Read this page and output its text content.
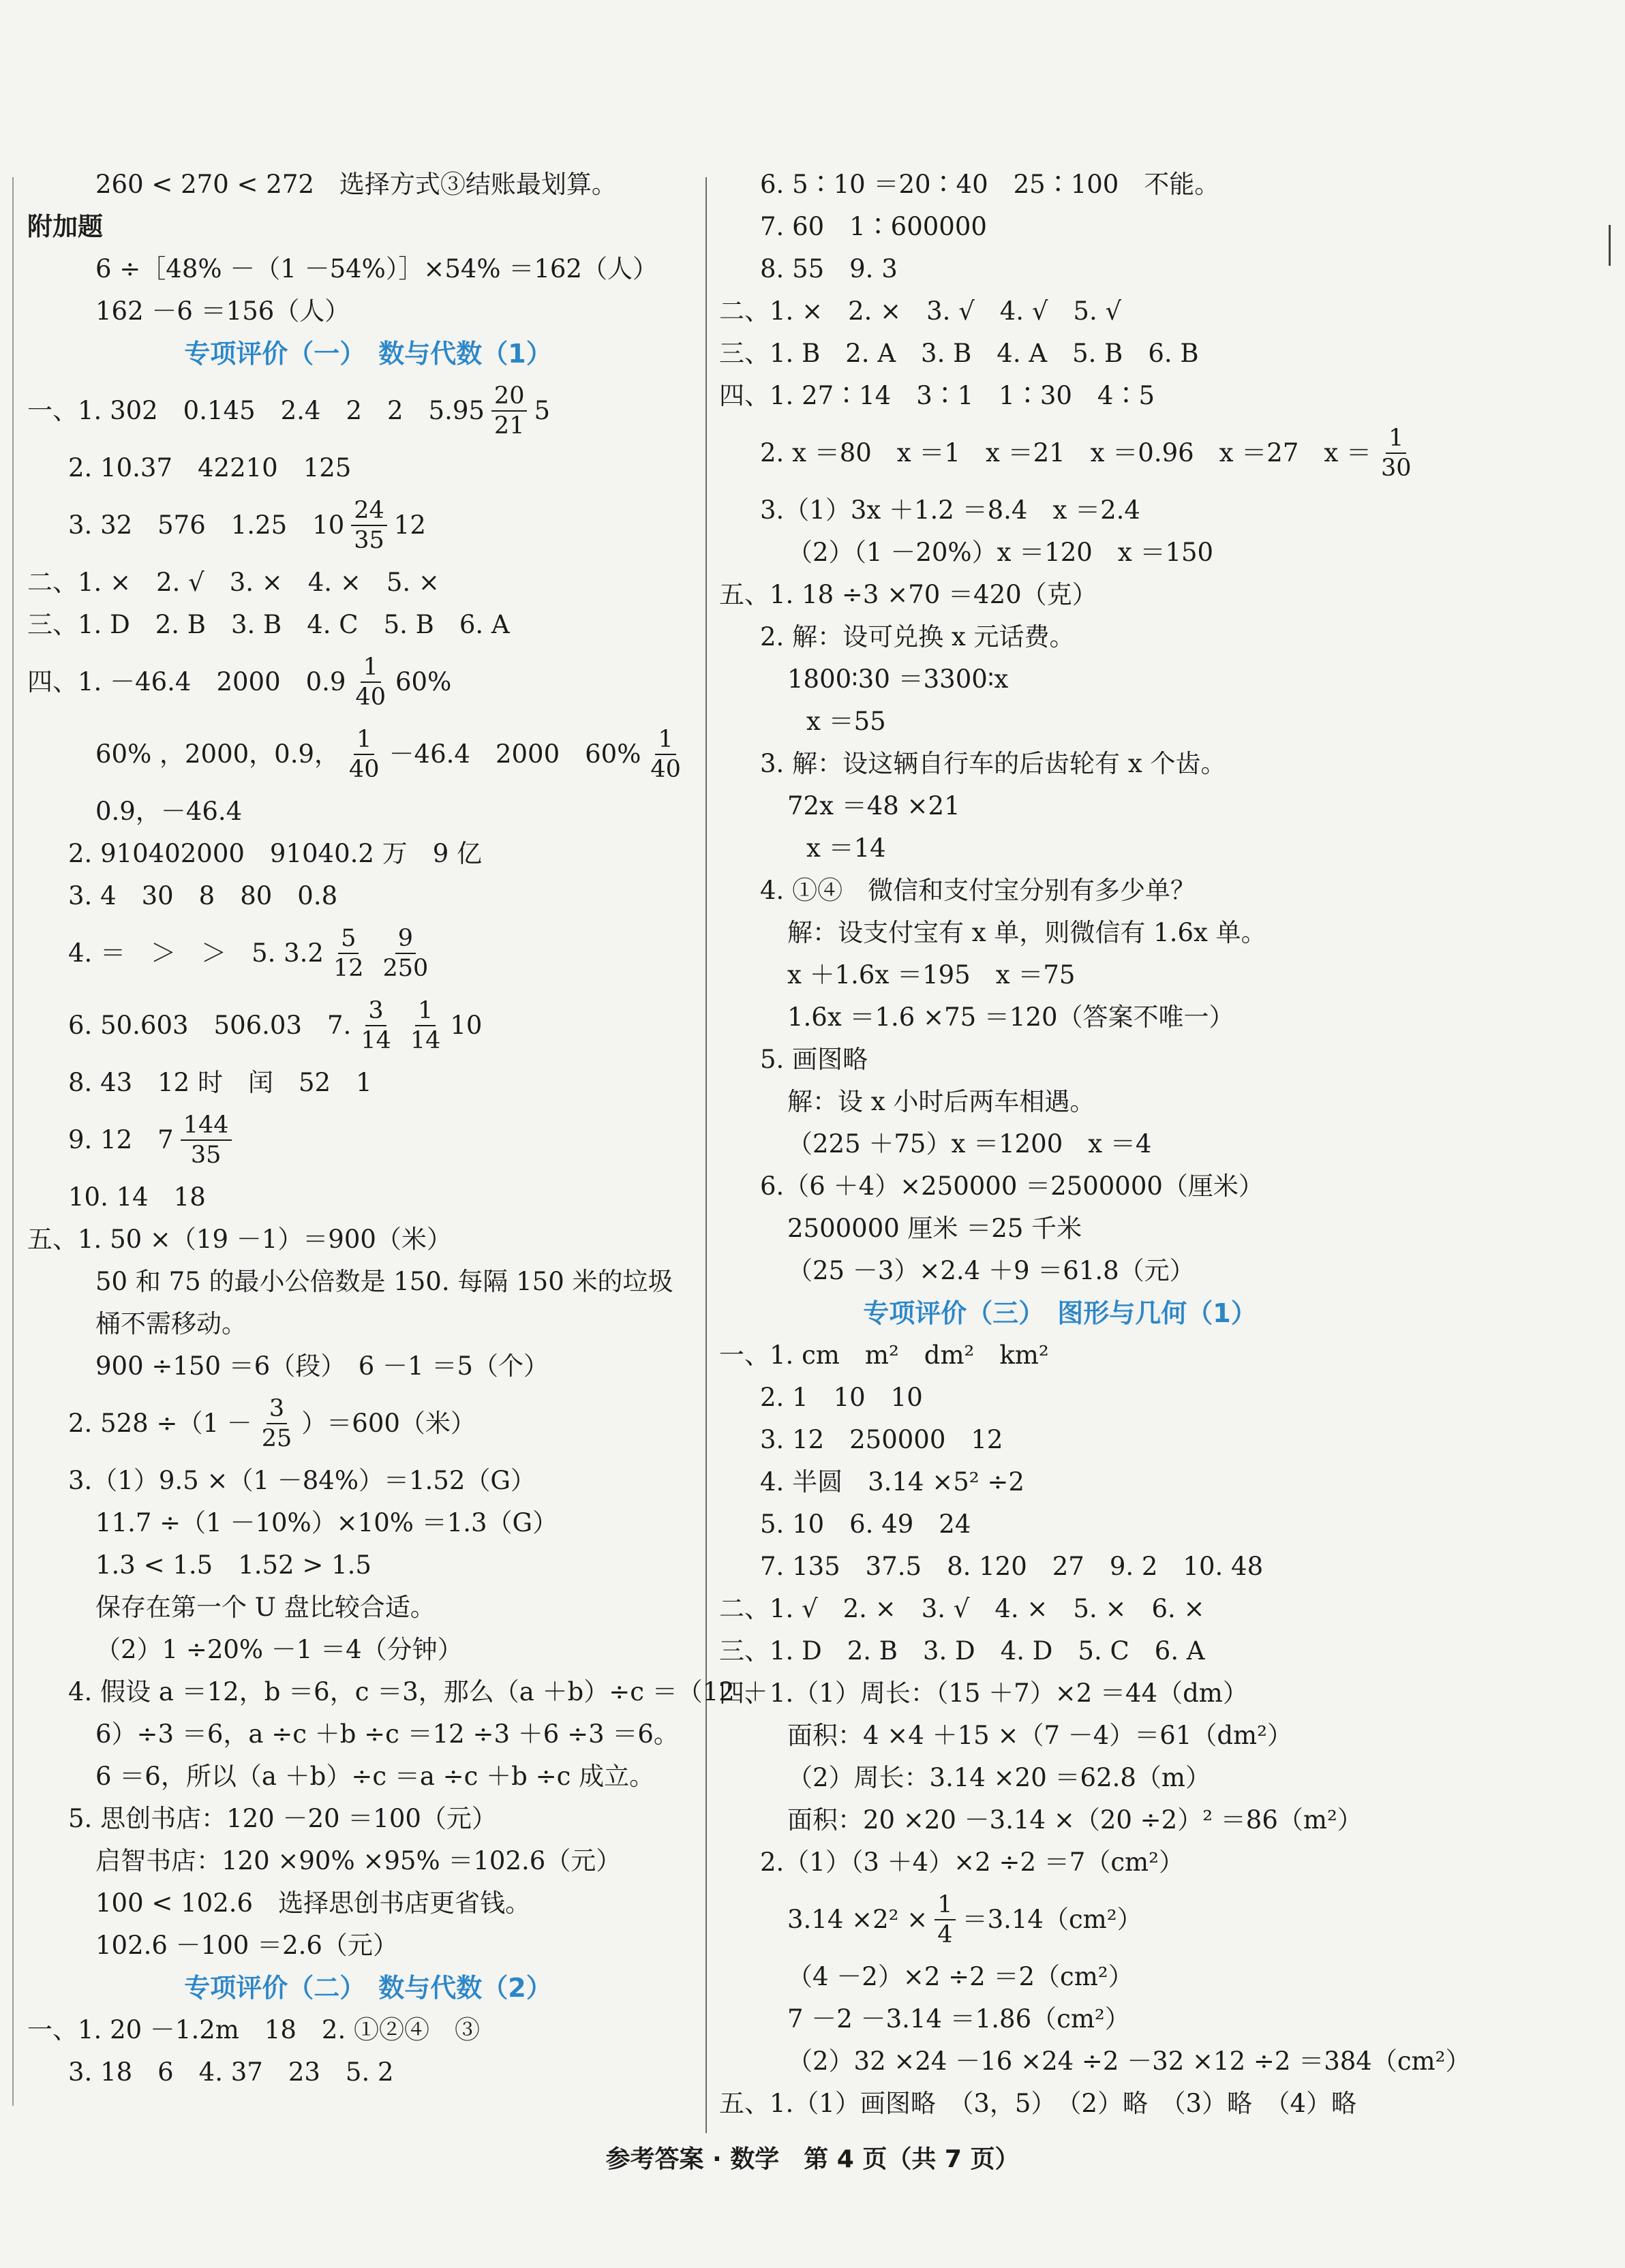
260 < 270 < 272　选择方式③结账最划算。
附加题
6 ÷［48% －（1 －54%）］×54% ＝162（人）
162 －6 ＝156（人）
专项评价（一）　数与代数（1）
一、1. 302　0.145　2.4　2　2　$5.95 \frac{20}{21} 5$
2. 10.37　42210　125
3. 32　576　1.25　$10 \frac{24}{35} 12$
二、1. ×　2. √　3. ×　4. ×　5. ×
三、1. D　2. B　3. B　4. C　5. B　6. A
四、1. －46.4　2000　$0.9 \frac{1}{40} 60\%$
60% ，2000，0.9， $\frac{1}{40} -46.4$　2000　$60\% \frac{1}{40}$
0.9，－46.4
2. 910402000　91040.2 万　9 亿
3. 4　30　8　80　0.8
4. ＝　＞　＞　5. $3.2 \frac{5}{12} \frac{9}{250}$
6. 50.603　506.03　7. $\frac{3}{14} \frac{1}{14} 10$
8. 43　12 时　闰　52　1
9. 12　$7 \frac{144}{35}$
10. 14　18
五、1. 50 ×（19 －1）＝900（米）
50 和 75 的最小公倍数是 150. 每隔 150 米的垃圾
桶不需移动。
900 ÷150 ＝6（段）　6 －1 ＝5（个）
2. $528 \div(1 - \frac{3}{25} )=600$（米）
3.（1）9.5 ×（1 －84%）＝1.52（G）
11.7 ÷（1 －10%）×10% ＝1.3（G）
1.3 < 1.5　1.52 > 1.5
保存在第一个 U 盘比较合适。
（2）1 ÷20% －1 ＝4（分钟）
4. 假设 a ＝12，b ＝6，c ＝3，那么（a ＋b）÷c ＝（12 ＋
6）÷3 ＝6，a ÷c ＋b ÷c ＝12 ÷3 ＋6 ÷3 ＝6。
6 ＝6，所以（a ＋b）÷c ＝a ÷c ＋b ÷c 成立。
5. 思创书店：120 －20 ＝100（元）
启智书店：120 ×90% ×95% ＝102.6（元）
100 < 102.6　选择思创书店更省钱。
102.6 －100 ＝2.6（元）
专项评价（二）　数与代数（2）
一、1. 20 －1.2m　18　2. ①②④　③
3. 18　6　4. 37　23　5. 2
6. 5∶10 ＝20∶40　25∶100　不能。
7. 60　1∶600000
8. 55　9. 3
二、1. ×　2. ×　3. √　4. √　5. √
三、1. B　2. A　3. B　4. A　5. B　6. B
四、1. 27∶14　3∶1　1∶30　4∶5
2. x ＝80　x ＝1　x ＝21　x ＝0.96　x ＝27　$x = \frac{1}{30}$
3.（1）3x ＋1.2 ＝8.4　x ＝2.4
（2）（1 －20%）x ＝120　x ＝150
五、1. 18 ÷3 ×70 ＝420（克）
2. 解：设可兑换 x 元话费。
1800∶30 ＝3300∶x
x ＝55
3. 解：设这辆自行车的后齿轮有 x 个齿。
72x ＝48 ×21
x ＝14
4. ①④　微信和支付宝分别有多少单？
解：设支付宝有 x 单，则微信有 1.6x 单。
x ＋1.6x ＝195　x ＝75
1.6x ＝1.6 ×75 ＝120（答案不唯一）
5. 画图略
解：设 x 小时后两车相遇。
（225 ＋75）x ＝1200　x ＝4
6.（6 ＋4）×250000 ＝2500000（厘米）
2500000 厘米 ＝25 千米
（25 －3）×2.4 ＋9 ＝61.8（元）
专项评价（三）　图形与几何（1）
一、1. cm　m²　dm²　km²
2. 1　10　10
3. 12　250000　12
4. 半圆　3.14 ×5² ÷2
5. 10　6. 49　24
7. 135　37.5　8. 120　27　9. 2　10. 48
二、1. √　2. ×　3. √　4. ×　5. ×　6. ×
三、1. D　2. B　3. D　4. D　5. C　6. A
四、1.（1）周长：（15 ＋7）×2 ＝44（dm）
面积：4 ×4 ＋15 ×（7 －4）＝61（dm²）
（2）周长：3.14 ×20 ＝62.8（m）
面积：20 ×20 －3.14 ×（20 ÷2）² ＝86（m²）
2.（1）（3 ＋4）×2 ÷2 ＝7（cm²）
$3.14 \times 2^2 \times \frac{1}{4} =3.14(cm^2)$
（4 －2）×2 ÷2 ＝2（cm²）
7 －2 －3.14 ＝1.86（cm²）
（2）32 ×24 －16 ×24 ÷2 －32 ×12 ÷2 ＝384（cm²）
五、1.（1）画图略　（3，5）　（2）略　（3）略　（4）略
参考答案 · 数学　第 4 页（共 7 页）
